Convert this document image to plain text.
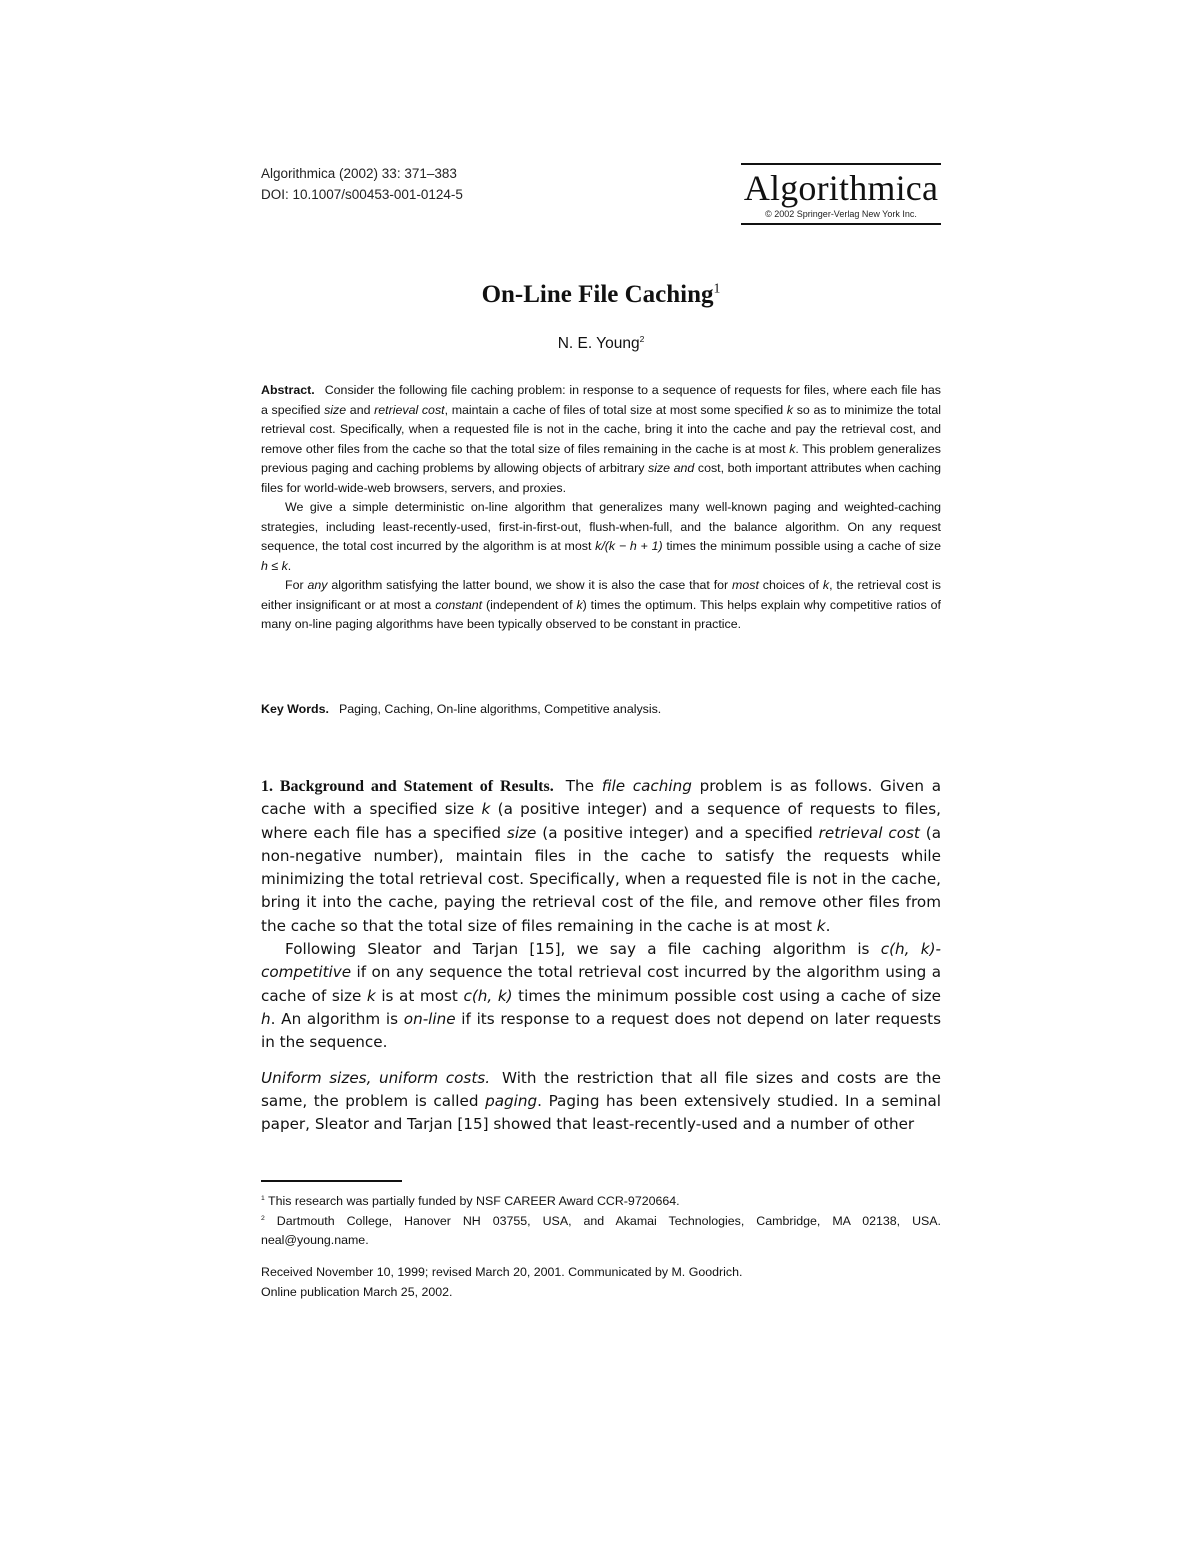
Algorithmica (2002) 33: 371–383
DOI: 10.1007/s00453-001-0124-5	Algorithmica
© 2002 Springer-Verlag New York Inc.
On-Line File Caching$^1$
N. E. Young$^2$

Abstract. Consider the following file caching problem: in response to a sequence of requests for files, where each file has a specified size and retrieval cost, maintain a cache of files of total size at most some specified k so as to minimize the total retrieval cost. Specifically, when a requested file is not in the cache, bring it into the cache and pay the retrieval cost, and remove other files from the cache so that the total size of files remaining in the cache is at most k. This problem generalizes previous paging and caching problems by allowing objects of arbitrary size and cost, both important attributes when caching files for world-wide-web browsers, servers, and proxies.

We give a simple deterministic on-line algorithm that generalizes many well-known paging and weighted-caching strategies, including least-recently-used, first-in-first-out, flush-when-full, and the balance algorithm. On any request sequence, the total cost incurred by the algorithm is at most k/(k − h + 1) times the minimum possible using a cache of size h ≤ k.

For any algorithm satisfying the latter bound, we show it is also the case that for most choices of k, the retrieval cost is either insignificant or at most a constant (independent of k) times the optimum. This helps explain why competitive ratios of many on-line paging algorithms have been typically observed to be constant in practice.

Key Words. Paging, Caching, On-line algorithms, Competitive analysis.

1. Background and Statement of Results. The file caching problem is as follows. Given a cache with a specified size k (a positive integer) and a sequence of requests to files, where each file has a specified size (a positive integer) and a specified retrieval cost (a non-negative number), maintain files in the cache to satisfy the requests while minimizing the total retrieval cost. Specifically, when a requested file is not in the cache, bring it into the cache, paying the retrieval cost of the file, and remove other files from the cache so that the total size of files remaining in the cache is at most k.

Following Sleator and Tarjan [15], we say a file caching algorithm is c(h, k)-competitive if on any sequence the total retrieval cost incurred by the algorithm using a cache of size k is at most c(h, k) times the minimum possible cost using a cache of size h. An algorithm is on-line if its response to a request does not depend on later requests in the sequence.

Uniform sizes, uniform costs. With the restriction that all file sizes and costs are the same, the problem is called paging. Paging has been extensively studied. In a seminal paper, Sleator and Tarjan [15] showed that least-recently-used and a number of other

$^1$ This research was partially funded by NSF CAREER Award CCR-9720664.

$^2$ Dartmouth College, Hanover NH 03755, USA, and Akamai Technologies, Cambridge, MA 02138, USA. neal@young.name.

Received November 10, 1999; revised March 20, 2001. Communicated by M. Goodrich.

Online publication March 25, 2002.
